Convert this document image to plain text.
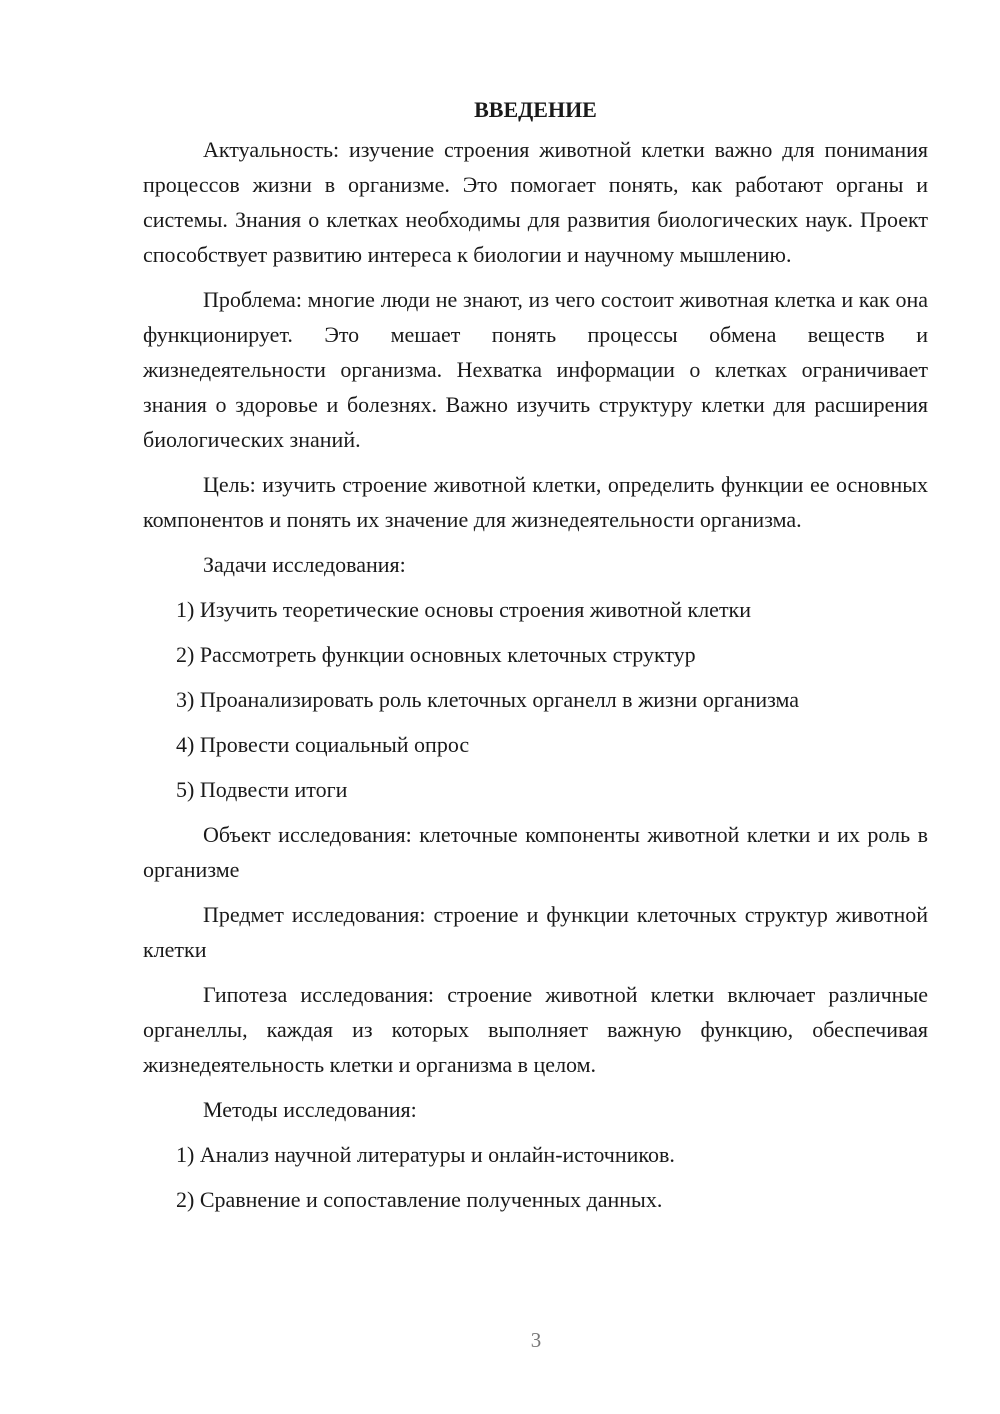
ВВЕДЕНИЕ

Актуальность: изучение строения животной клетки важно для понимания процессов жизни в организме. Это помогает понять, как работают органы и системы. Знания о клетках необходимы для развития биологических наук. Проект способствует развитию интереса к биологии и научному мышлению.

Проблема: многие люди не знают, из чего состоит животная клетка и как она функционирует. Это мешает понять процессы обмена веществ и жизнедеятельности организма. Нехватка информации о клетках ограничивает знания о здоровье и болезнях. Важно изучить структуру клетки для расширения биологических знаний.

Цель: изучить строение животной клетки, определить функции ее основных компонентов и понять их значение для жизнедеятельности организма.

Задачи исследования:

1) Изучить теоретические основы строения животной клетки
2) Рассмотреть функции основных клеточных структур
3) Проанализировать роль клеточных органелл в жизни организма
4) Провести социальный опрос
5) Подвести итоги

Объект исследования: клеточные компоненты животной клетки и их роль в организме

Предмет исследования: строение и функции клеточных структур животной клетки

Гипотеза исследования: строение животной клетки включает различные органеллы, каждая из которых выполняет важную функцию, обеспечивая жизнедеятельность клетки и организма в целом.

Методы исследования:

1) Анализ научной литературы и онлайн-источников.
2) Сравнение и сопоставление полученных данных.
3
